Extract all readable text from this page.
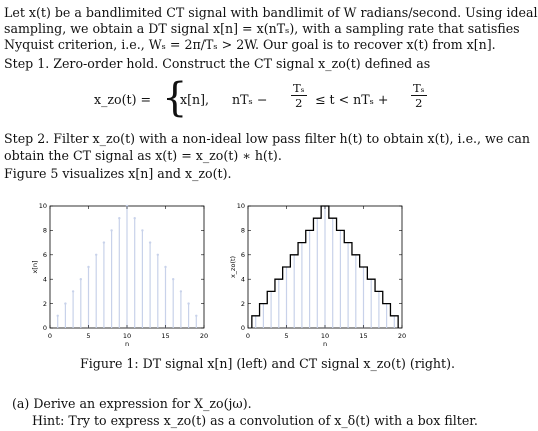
Let x(t) be a bandlimited CT signal with bandlimit of W radians/second. Using ideal
sampling, we obtain a DT signal x[n] = x(nTₛ), with a sampling rate that satisfies
Nyquist criterion, i.e., Wₛ = 2π/Tₛ > 2W. Our goal is to recover x(t) from x[n].
Step 1. Zero-order hold. Construct the CT signal x_zo(t) defined as
x_zo(t) = {
x[n], $nT_s - \frac{\text{Tₛ}}{2} \le t < nT_s + \frac{\text{Tₛ}}{2}$
Step 2. Filter x_zo(t) with a non-ideal low pass filter h(t) to obtain x(t), i.e., we can
obtain the CT signal as x(t) = x_zo(t) ∗ h(t).
Figure 5 visualizes x[n] and x_zo(t).
0	5	10	15	20
0
2
4
6
8
10
n
x[n]
0	5	10	15	20
0
2
4
6
8
10
n
x_zo(t)
Figure 1: DT signal x[n] (left) and CT signal x_zo(t) (right).
(a) Derive an expression for X_zo(jω).
Hint: Try to express x_zo(t) as a convolution of x_δ(t) with a box filter.
